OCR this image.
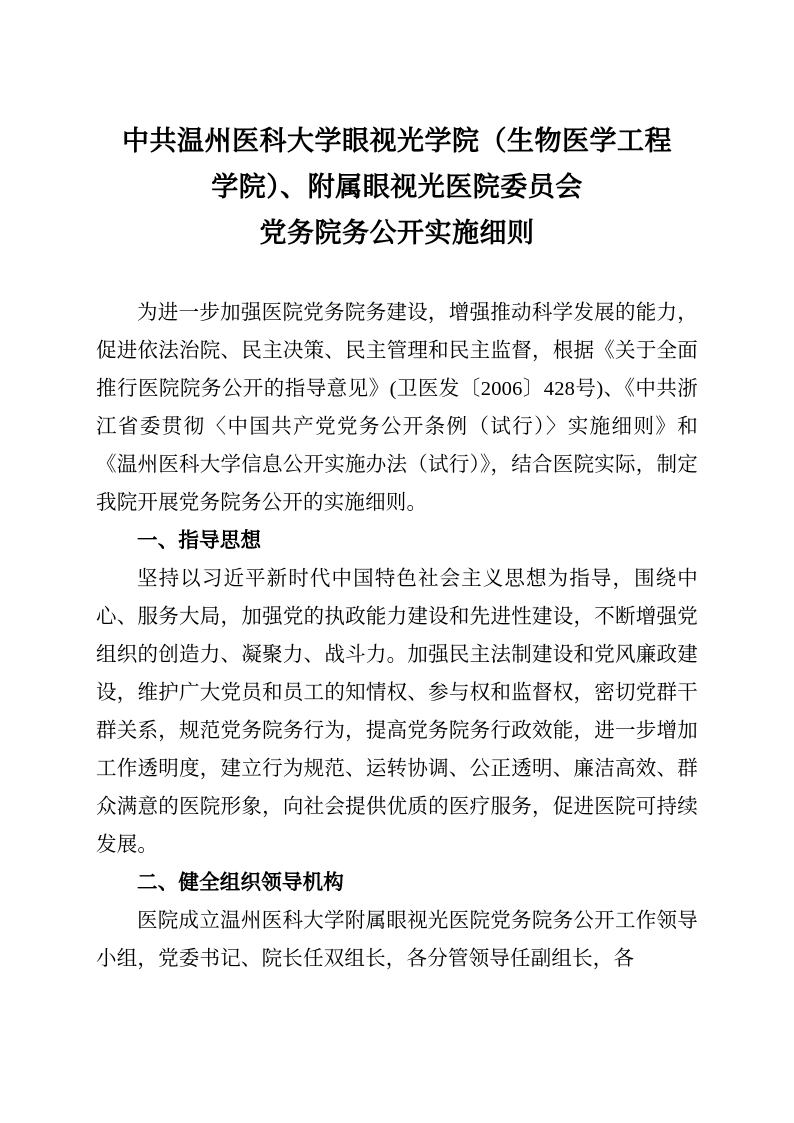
中共温州医科大学眼视光学院（生物医学工程
学院）、附属眼视光医院委员会
党务院务公开实施细则

为进一步加强医院党务院务建设，增强推动科学发展的能力，促进依法治院、民主决策、民主管理和民主监督，根据《关于全面推行医院院务公开的指导意见》(卫医发〔2006〕428号)、《中共浙江省委贯彻〈中国共产党党务公开条例（试行）〉实施细则》和《温州医科大学信息公开实施办法（试行）》，结合医院实际，制定我院开展党务院务公开的实施细则。

一、指导思想

坚持以习近平新时代中国特色社会主义思想为指导，围绕中心、服务大局，加强党的执政能力建设和先进性建设，不断增强党组织的创造力、凝聚力、战斗力。加强民主法制建设和党风廉政建设，维护广大党员和员工的知情权、参与权和监督权，密切党群干群关系，规范党务院务行为，提高党务院务行政效能，进一步增加工作透明度，建立行为规范、运转协调、公正透明、廉洁高效、群众满意的医院形象，向社会提供优质的医疗服务，促进医院可持续发展。

二、健全组织领导机构

医院成立温州医科大学附属眼视光医院党务院务公开工作领导小组，党委书记、院长任双组长，各分管领导任副组长，各
